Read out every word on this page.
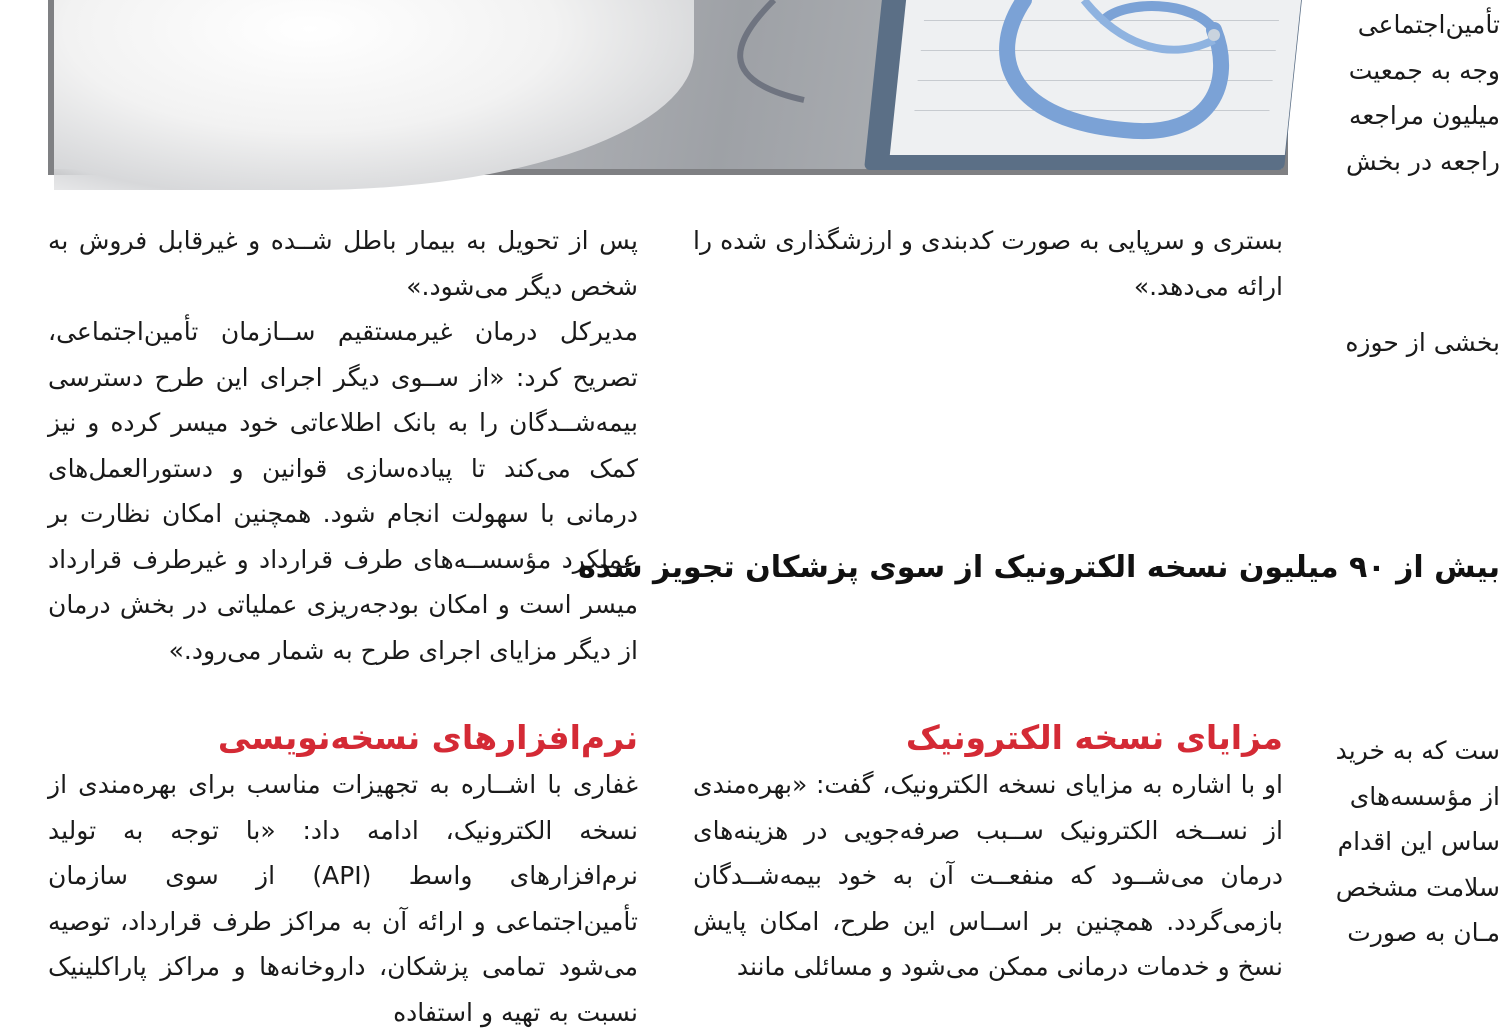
تأمین‌اجتماعی

وجه به جمعیت

میلیون مراجعه

راجعه در بخش

بخشی از حوزه

بستری و سرپایی به صورت کدبندی و ارزشگذاری شده را ارائه می‌دهد.»

پس از تحویل به بیمار باطل شــده و غیرقابل فروش به شخص دیگر می‌شود.»

مدیرکل درمان غیرمستقیم ســازمان تأمین‌اجتماعی، تصریح کرد: «از ســوی دیگر اجرای این طرح دسترسی بیمه‌شــدگان را به بانک اطلاعاتی خود میسر کرده و نیز کمک می‌کند تا پیاده‌سازی قوانین و دستورالعمل‌های درمانی با سهولت انجام شود. همچنین امکان نظارت بر عملکرد مؤسســه‌های طرف قرارداد و غیرطرف قرارداد میسر است و امکان بودجه‌ریزی عملیاتی در بخش درمان از دیگر مزایای اجرای طرح به شمار می‌رود.»

بیش از ۹۰ میلیون نسخه الکترونیک از سوی پزشکان تجویز شده
مزایای نسخه الکترونیک

او با اشاره به مزایای نسخه الکترونیک، گفت: «بهره‌مندی از نســخه الکترونیک ســبب صرفه‌جویی در هزینه‌های درمان می‌شــود که منفعــت آن به خود بیمه‌شــدگان بازمی‌گردد. همچنین بر اســاس این طرح، امکان پایش نسخ و خدمات درمانی ممکن می‌شود و مسائلی مانند

نرم‌افزارهای نسخه‌نویسی

غفاری با اشــاره به تجهیزات مناسب برای بهره‌مندی از نسخه الکترونیک، ادامه داد: «با توجه به تولید نرم‌افزارهای واسط (API) از سوی سازمان تأمین‌اجتماعی و ارائه آن به مراکز طرف قرارداد، توصیه می‌شود تمامی پزشکان، داروخانه‌ها و مراکز پاراکلینیک نسبت به تهیه و استفاده

ست که به خرید

از مؤسسه‌های

ساس این اقدام

سلامت مشخص

مـان به صورت
